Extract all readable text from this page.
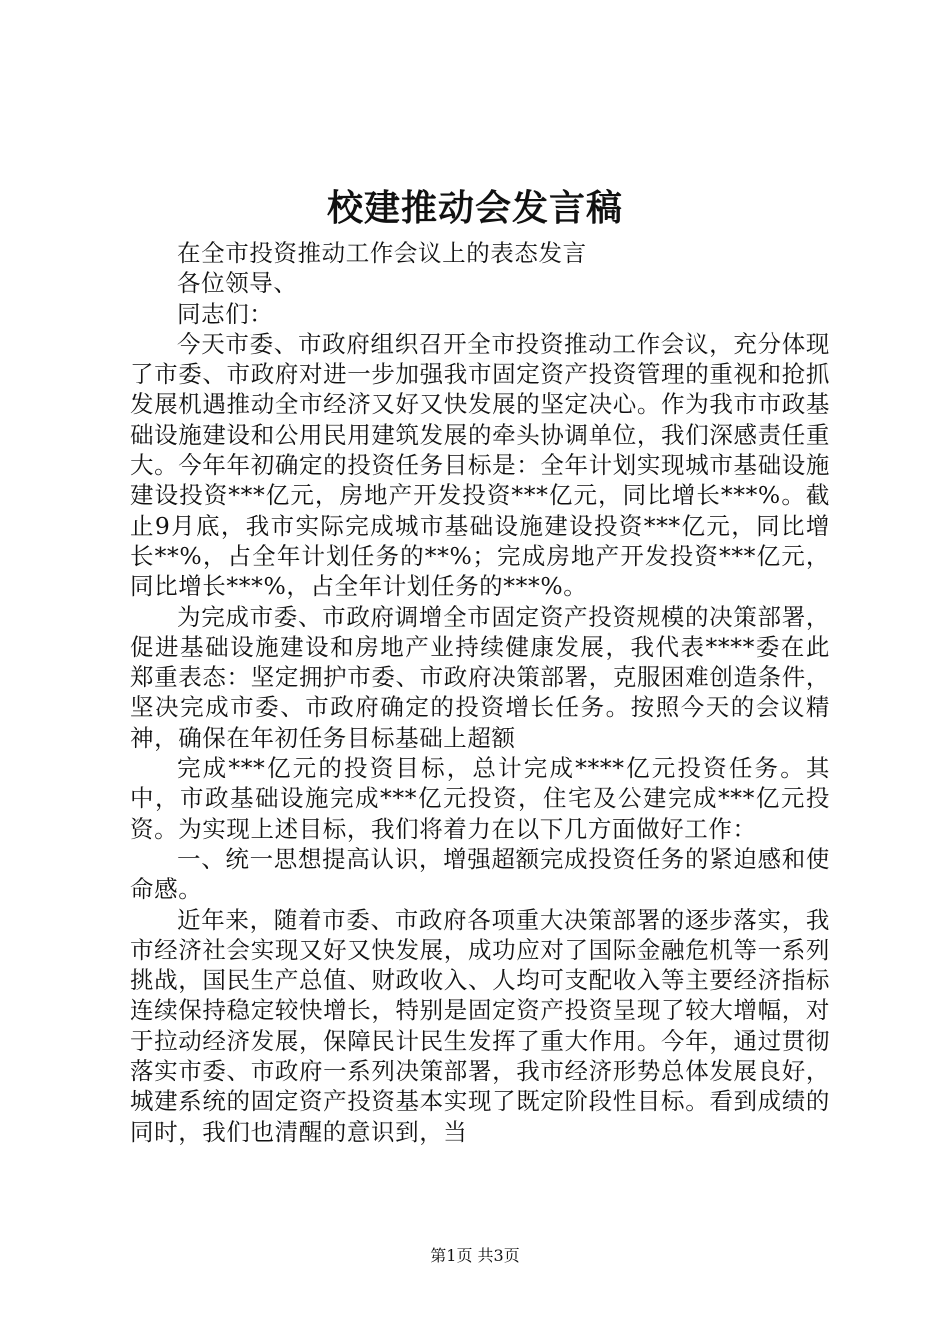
校建推动会发言稿

在全市投资推动工作会议上的表态发言

各位领导、

同志们：

今天市委、市政府组织召开全市投资推动工作会议，充分体现了市委、市政府对进一步加强我市固定资产投资管理的重视和抢抓发展机遇推动全市经济又好又快发展的坚定决心。作为我市市政基础设施建设和公用民用建筑发展的牵头协调单位，我们深感责任重大。今年年初确定的投资任务目标是：全年计划实现城市基础设施建设投资***亿元，房地产开发投资***亿元，同比增长***%。截止9月底，我市实际完成城市基础设施建设投资***亿元，同比增长**%，占全年计划任务的**%；完成房地产开发投资***亿元，同比增长***%，占全年计划任务的***%。

为完成市委、市政府调增全市固定资产投资规模的决策部署，促进基础设施建设和房地产业持续健康发展，我代表****委在此郑重表态：坚定拥护市委、市政府决策部署，克服困难创造条件，坚决完成市委、市政府确定的投资增长任务。按照今天的会议精神，确保在年初任务目标基础上超额

完成***亿元的投资目标，总计完成****亿元投资任务。其中，市政基础设施完成***亿元投资，住宅及公建完成***亿元投资。为实现上述目标，我们将着力在以下几方面做好工作：

一、统一思想提高认识，增强超额完成投资任务的紧迫感和使命感。

近年来，随着市委、市政府各项重大决策部署的逐步落实，我市经济社会实现又好又快发展，成功应对了国际金融危机等一系列挑战，国民生产总值、财政收入、人均可支配收入等主要经济指标连续保持稳定较快增长，特别是固定资产投资呈现了较大增幅，对于拉动经济发展，保障民计民生发挥了重大作用。今年，通过贯彻落实市委、市政府一系列决策部署，我市经济形势总体发展良好，城建系统的固定资产投资基本实现了既定阶段性目标。看到成绩的同时，我们也清醒的意识到，当

第1页 共3页
